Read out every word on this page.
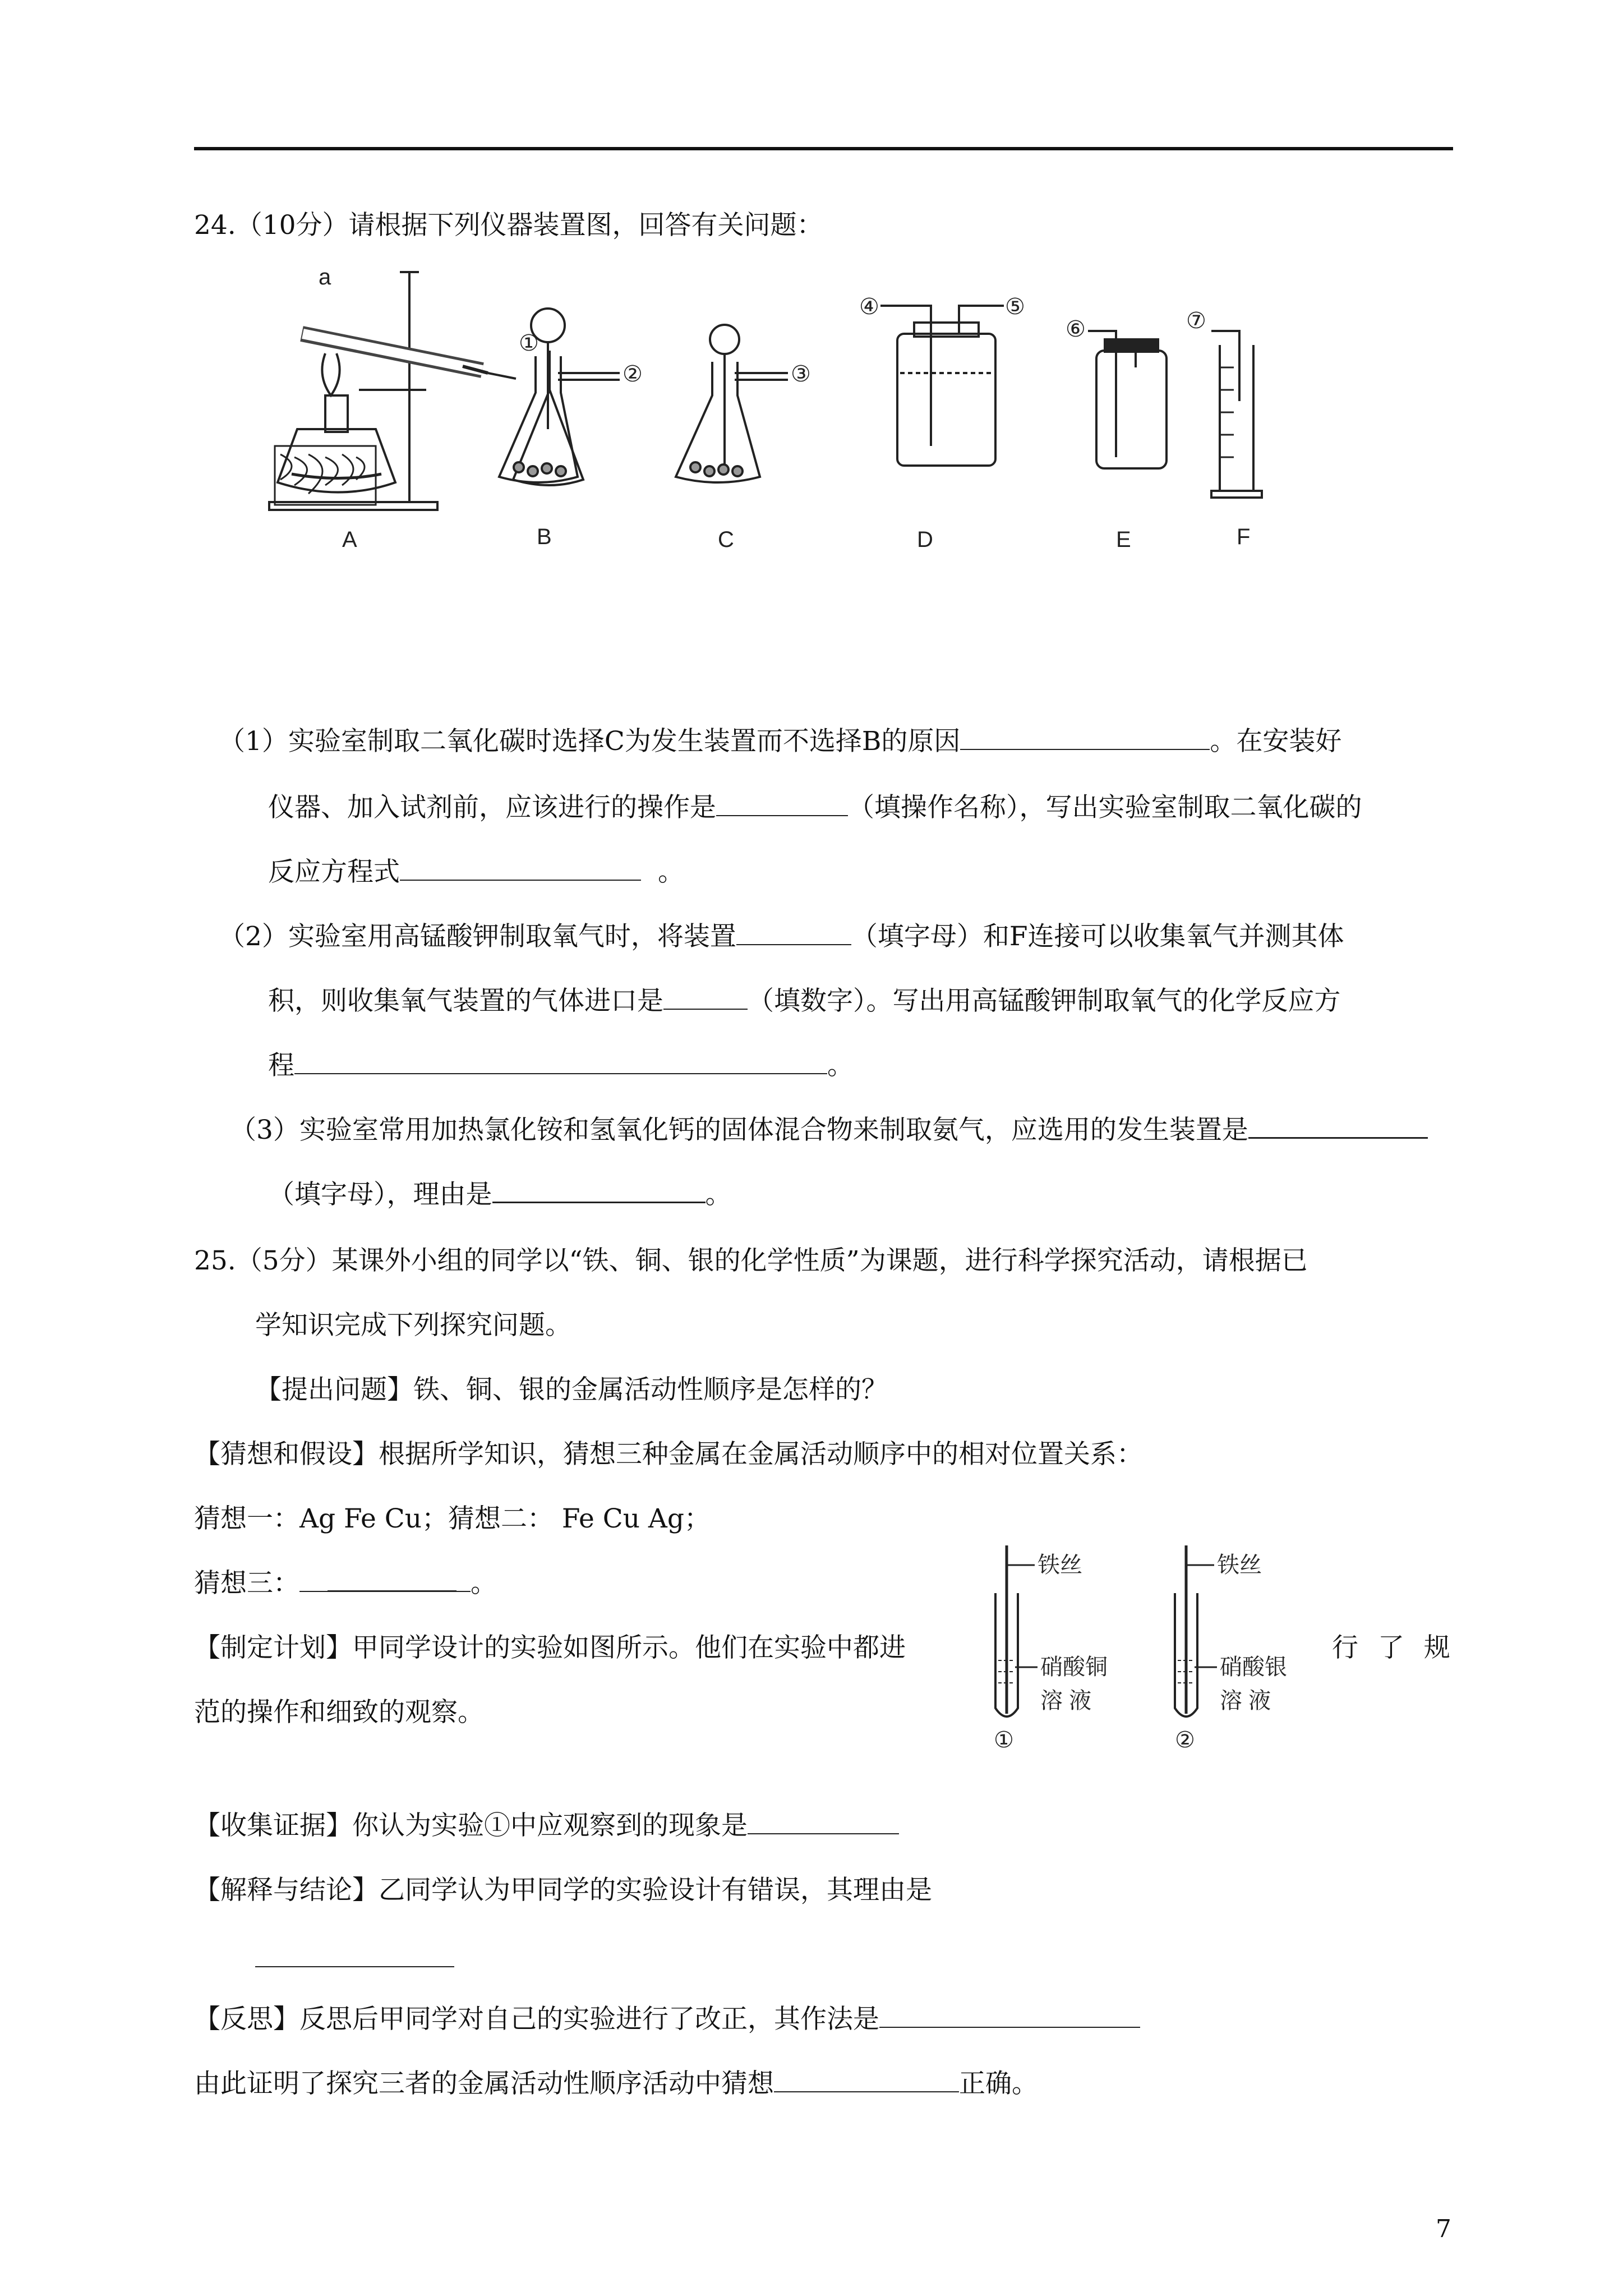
24.（10分）请根据下列仪器装置图，回答有关问题：
a
①
②	③
④	⑤
⑥	⑦
A	B	C	D	E	F
（1）实验室制取二氧化碳时选择C为发生装置而不选择B的原因	。在安装好
仪器、加入试剂前，应该进行的操作是	（填操作名称），写出实验室制取二氧化碳的
反应方程式	。
（2）实验室用高锰酸钾制取氧气时，将装置	（填字母）和F连接可以收集氧气并测其体
积，则收集氧气装置的气体进口是	（填数字）。写出用高锰酸钾制取氧气的化学反应方
程	。
（3）实验室常用加热氯化铵和氢氧化钙的固体混合物来制取氨气，应选用的发生装置是
（填字母），理由是	。
25.（5分）某课外小组的同学以“铁、铜、银的化学性质”为课题，进行科学探究活动，请根据已
学知识完成下列探究问题。
【提出问题】铁、铜、银的金属活动性顺序是怎样的？
【猜想和假设】根据所学知识，猜想三种金属在金属活动顺序中的相对位置关系：
猜想一：Ag Fe Cu；猜想二： Fe Cu Ag；
猜想三：	。
【制定计划】甲同学设计的实验如图所示。他们在实验中都进	行 了 规
范的操作和细致的观察。
铁丝	铁丝
硝酸铜
溶 液
硝酸银
溶 液
①	②
【收集证据】你认为实验①中应观察到的现象是
【解释与结论】乙同学认为甲同学的实验设计有错误，其理由是
【反思】反思后甲同学对自己的实验进行了改正，其作法是
由此证明了探究三者的金属活动性顺序活动中猜想	正确。
7
